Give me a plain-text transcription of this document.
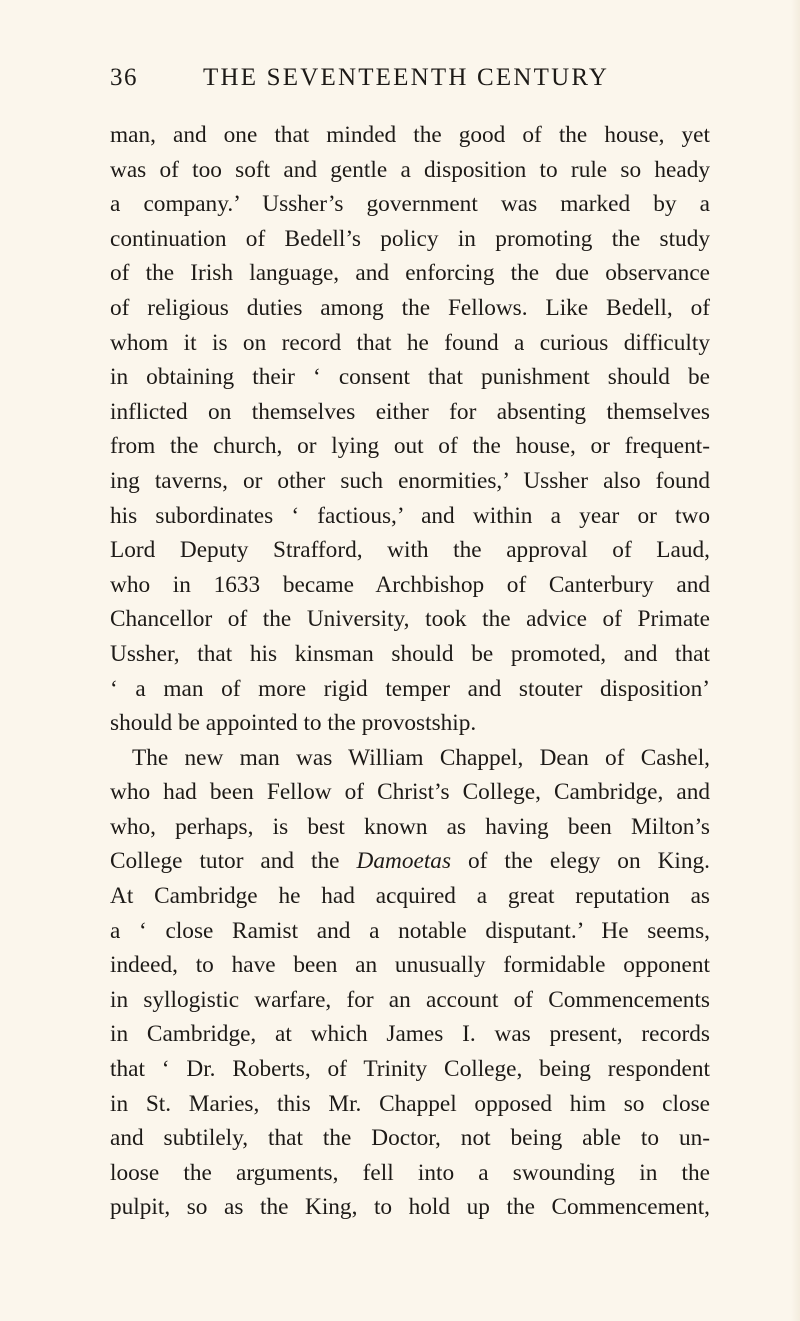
36	THE SEVENTEENTH CENTURY
man, and one that minded the good of the house, yet
was of too soft and gentle a disposition to rule so heady
a company.’ Ussher’s government was marked by a
continuation of Bedell’s policy in promoting the study
of the Irish language, and enforcing the due observance
of religious duties among the Fellows. Like Bedell, of
whom it is on record that he found a curious difficulty
in obtaining their ‘ consent that punishment should be
inflicted on themselves either for absenting themselves
from the church, or lying out of the house, or frequent-
ing taverns, or other such enormities,’ Ussher also found
his subordinates ‘ factious,’ and within a year or two
Lord Deputy Strafford, with the approval of Laud,
who in 1633 became Archbishop of Canterbury and
Chancellor of the University, took the advice of Primate
Ussher, that his kinsman should be promoted, and that
‘ a man of more rigid temper and stouter disposition’
should be appointed to the provostship.
The new man was William Chappel, Dean of Cashel,
who had been Fellow of Christ’s College, Cambridge, and
who, perhaps, is best known as having been Milton’s
College tutor and the Damoetas of the elegy on King.
At Cambridge he had acquired a great reputation as
a ‘ close Ramist and a notable disputant.’ He seems,
indeed, to have been an unusually formidable opponent
in syllogistic warfare, for an account of Commencements
in Cambridge, at which James I. was present, records
that ‘ Dr. Roberts, of Trinity College, being respondent
in St. Maries, this Mr. Chappel opposed him so close
and subtilely, that the Doctor, not being able to un-
loose the arguments, fell into a swounding in the
pulpit, so as the King, to hold up the Commencement,
